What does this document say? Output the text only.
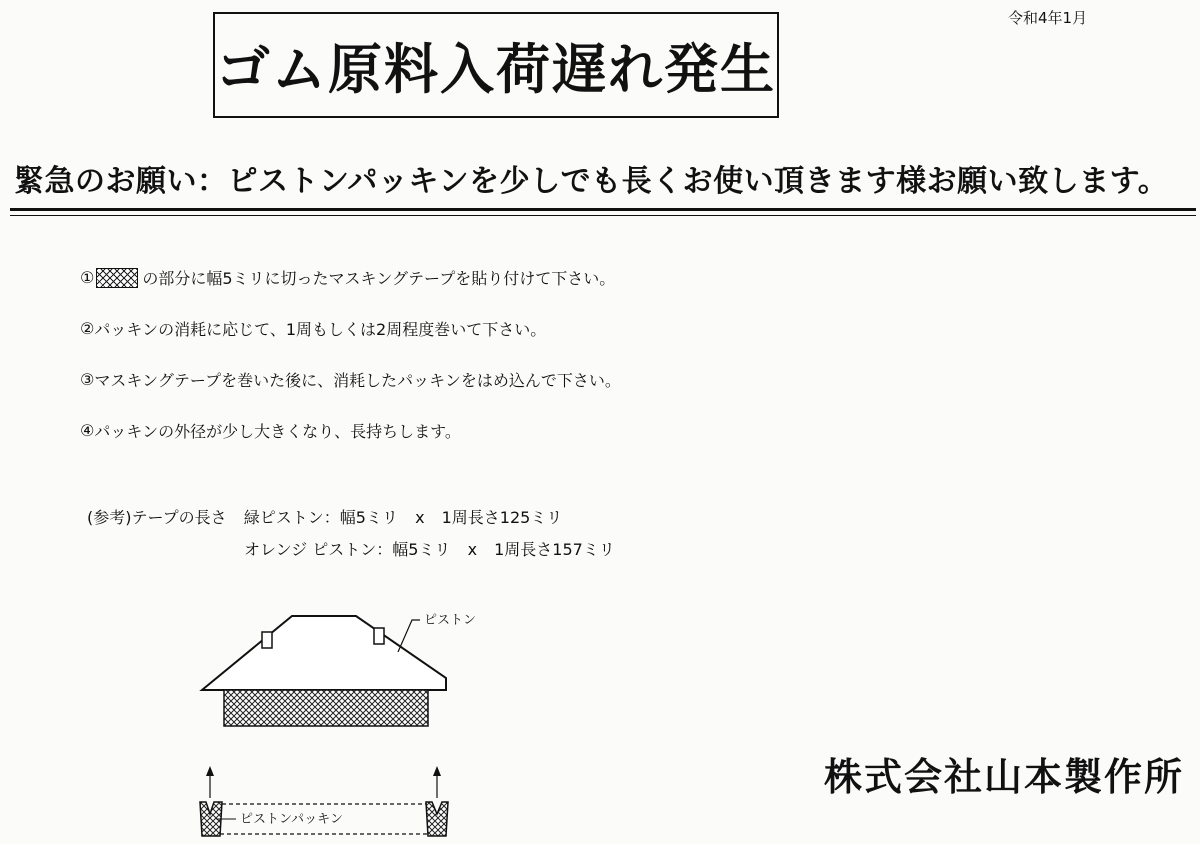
令和4年1月
ゴム原料入荷遅れ発生
緊急のお願い：ピストンパッキンを少しでも長くお使い頂きます様お願い致します。
①	の部分に幅5ミリに切ったマスキングテープを貼り付けて下さい。
② パッキンの消耗に応じて、1周もしくは2周程度巻いて下さい。
③ マスキングテープを巻いた後に、消耗したパッキンをはめ込んで下さい。
④ パッキンの外径が少し大きくなり、長持ちします。
(参考)テープの長さ 緑ピストン：幅5ミリ x 1周長さ125ミリ
オレンジ ピストン：幅5ミリ x 1周長さ157ミリ
ピストン
ピストンパッキン
株式会社山本製作所
